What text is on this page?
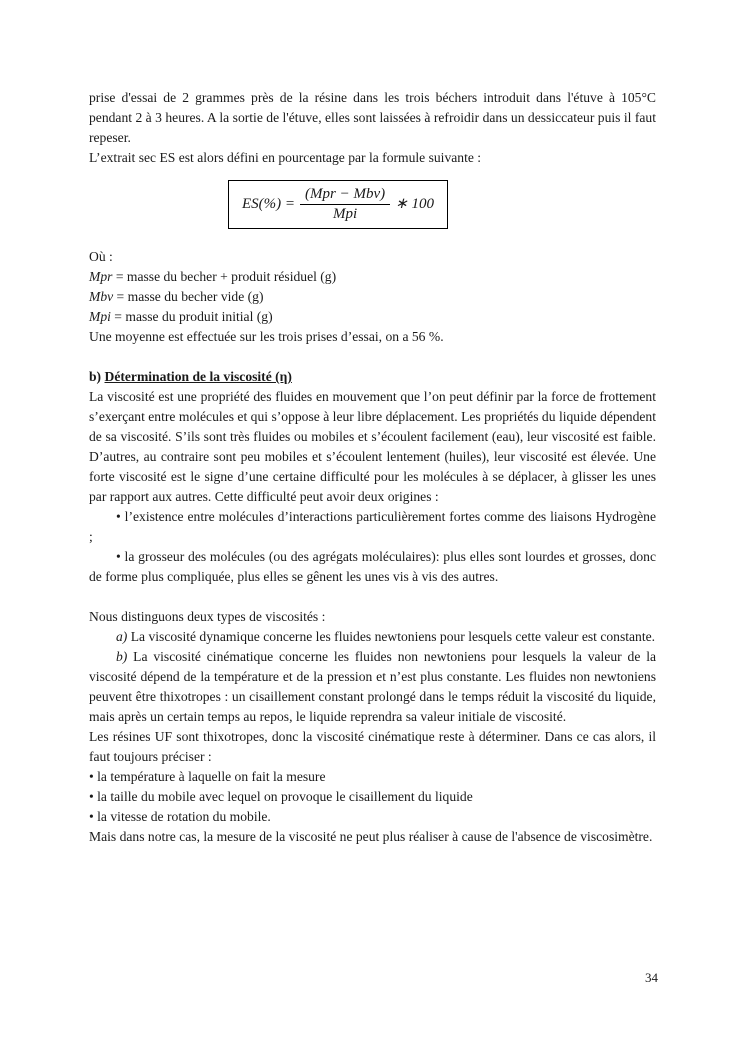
prise d'essai de 2 grammes près de la résine dans les trois béchers introduit dans l'étuve à 105°C pendant 2 à 3 heures. A la sortie de l'étuve, elles sont laissées à refroidir dans un dessiccateur puis il faut repeser.

L’extrait sec ES est alors défini en pourcentage par la formule suivante :

$ES(\%) = \frac{\text{(Mpr − Mbv)}}{\text{Mpi}}$ ∗ 100

Où :

Mpr = masse du becher + produit résiduel (g)

Mbv = masse du becher vide (g)

Mpi = masse du produit initial (g)

Une moyenne est effectuée sur les trois prises d’essai, on a 56 %.

b) Détermination de la viscosité (η)

La viscosité est une propriété des fluides en mouvement que l’on peut définir par la force de frottement s’exerçant entre molécules et qui s’oppose à leur libre déplacement. Les propriétés du liquide dépendent de sa viscosité. S’ils sont très fluides ou mobiles et s’écoulent facilement (eau), leur viscosité est faible. D’autres, au contraire sont peu mobiles et s’écoulent lentement (huiles), leur viscosité est élevée. Une forte viscosité est le signe d’une certaine difficulté pour les molécules à se déplacer, à glisser les unes par rapport aux autres. Cette difficulté peut avoir deux origines :

• l’existence entre molécules d’interactions particulièrement fortes comme des liaisons Hydrogène ;

• la grosseur des molécules (ou des agrégats moléculaires): plus elles sont lourdes et grosses, donc de forme plus compliquée, plus elles se gênent les unes vis à vis des autres.

Nous distinguons deux types de viscosités :

a) La viscosité dynamique concerne les fluides newtoniens pour lesquels cette valeur est constante.

b) La viscosité cinématique concerne les fluides non newtoniens pour lesquels la valeur de la viscosité dépend de la température et de la pression et n’est plus constante. Les fluides non newtoniens peuvent être thixotropes : un cisaillement constant prolongé dans le temps réduit la viscosité du liquide, mais après un certain temps au repos, le liquide reprendra sa valeur initiale de viscosité.

Les résines UF sont thixotropes, donc la viscosité cinématique reste à déterminer. Dans ce cas alors, il faut toujours préciser :

• la température à laquelle on fait la mesure

• la taille du mobile avec lequel on provoque le cisaillement du liquide

• la vitesse de rotation du mobile.

Mais dans notre cas, la mesure de la viscosité ne peut plus réaliser à cause de l'absence de viscosimètre.

34
